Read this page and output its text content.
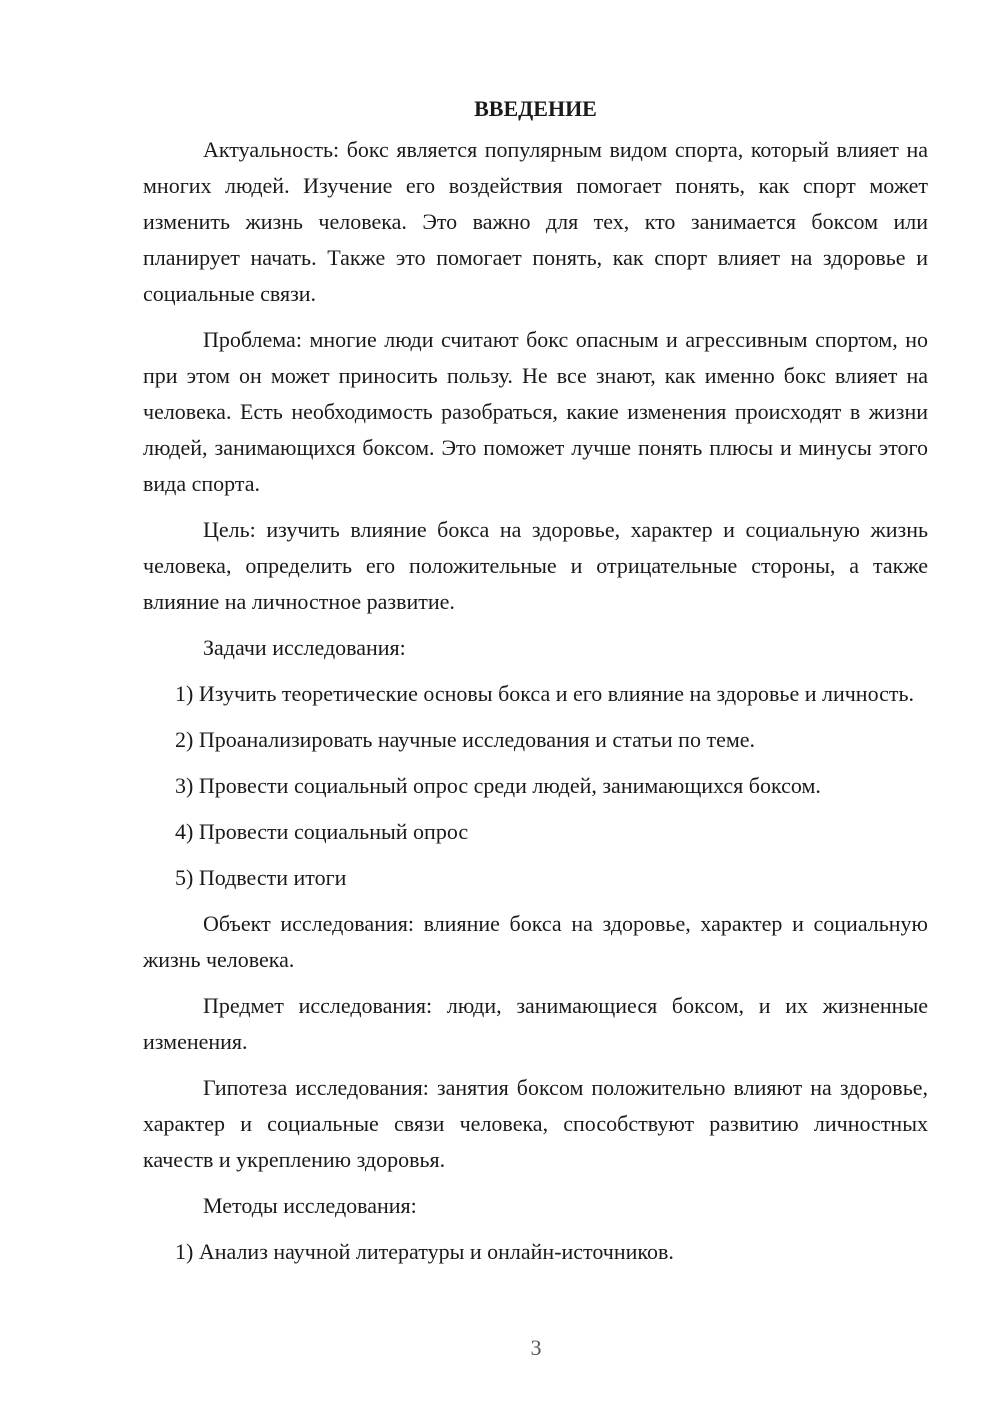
ВВЕДЕНИЕ

Актуальность: бокс является популярным видом спорта, который влияет на многих людей. Изучение его воздействия помогает понять, как спорт может изменить жизнь человека. Это важно для тех, кто занимается боксом или планирует начать. Также это помогает понять, как спорт влияет на здоровье и социальные связи.

Проблема: многие люди считают бокс опасным и агрессивным спортом, но при этом он может приносить пользу. Не все знают, как именно бокс влияет на человека. Есть необходимость разобраться, какие изменения происходят в жизни людей, занимающихся боксом. Это поможет лучше понять плюсы и минусы этого вида спорта.

Цель: изучить влияние бокса на здоровье, характер и социальную жизнь человека, определить его положительные и отрицательные стороны, а также влияние на личностное развитие.

Задачи исследования:

1) Изучить теоретические основы бокса и его влияние на здоровье и личность.

2) Проанализировать научные исследования и статьи по теме.

3) Провести социальный опрос среди людей, занимающихся боксом.

4) Провести социальный опрос

5) Подвести итоги

Объект исследования: влияние бокса на здоровье, характер и социальную жизнь человека.

Предмет исследования: люди, занимающиеся боксом, и их жизненные изменения.

Гипотеза исследования: занятия боксом положительно влияют на здоровье, характер и социальные связи человека, способствуют развитию личностных качеств и укреплению здоровья.

Методы исследования:

1) Анализ научной литературы и онлайн-источников.

3
